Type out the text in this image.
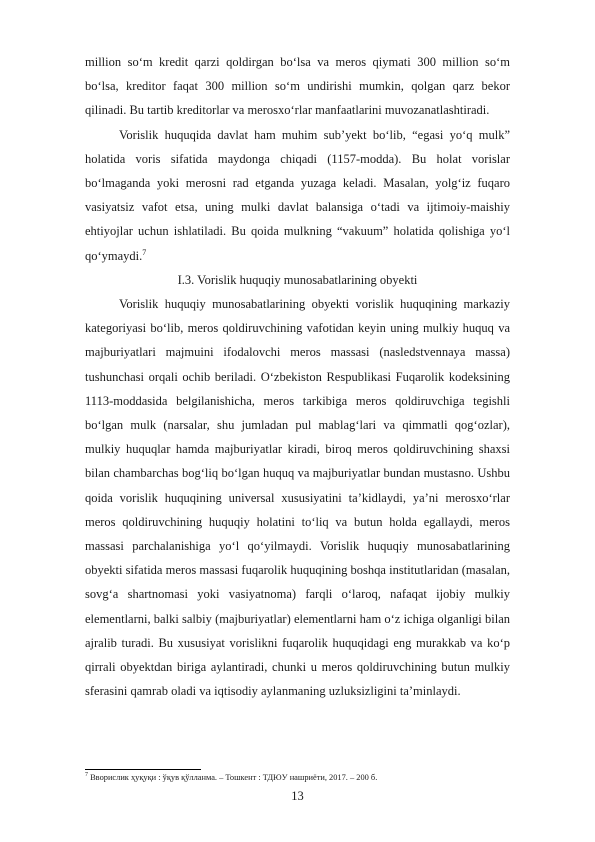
million so‘m kredit qarzi qoldirgan bo‘lsa va meros qiymati 300 million so‘m bo‘lsa, kreditor faqat 300 million so‘m undirishi mumkin, qolgan qarz bekor qilinadi. Bu tartib kreditorlar va merosxo‘rlar manfaatlarini muvozanatlashtiradi.

Vorislik huquqida davlat ham muhim sub’yekt bo‘lib, “egasi yo‘q mulk” holatida voris sifatida maydonga chiqadi (1157-modda). Bu holat vorislar bo‘lmaganda yoki merosni rad etganda yuzaga keladi. Masalan, yolg‘iz fuqaro vasiyatsiz vafot etsa, uning mulki davlat balansiga o‘tadi va ijtimoiy-maishiy ehtiyojlar uchun ishlatiladi. Bu qoida mulkning “vakuum” holatida qolishiga yo‘l qo‘ymaydi.$^7$

I.3. Vorislik huquqiy munosabatlarining obyekti

Vorislik huquqiy munosabatlarining obyekti vorislik huquqining markaziy kategoriyasi bo‘lib, meros qoldiruvchining vafotidan keyin uning mulkiy huquq va majburiyatlari majmuini ifodalovchi meros massasi (nasledstvennaya massa) tushunchasi orqali ochib beriladi. O‘zbekiston Respublikasi Fuqarolik kodeksining 1113-moddasida belgilanishicha, meros tarkibiga meros qoldiruvchiga tegishli bo‘lgan mulk (narsalar, shu jumladan pul mablag‘lari va qimmatli qog‘ozlar), mulkiy huquqlar hamda majburiyatlar kiradi, biroq meros qoldiruvchining shaxsi bilan chambarchas bog‘liq bo‘lgan huquq va majburiyatlar bundan mustasno. Ushbu qoida vorislik huquqining universal xususiyatini ta’kidlaydi, ya’ni merosxo‘rlar meros qoldiruvchining huquqiy holatini to‘liq va butun holda egallaydi, meros massasi parchalanishiga yo‘l qo‘yilmaydi. Vorislik huquqiy munosabatlarining obyekti sifatida meros massasi fuqarolik huquqining boshqa institutlaridan (masalan, sovg‘a shartnomasi yoki vasiyatnoma) farqli o‘laroq, nafaqat ijobiy mulkiy elementlarni, balki salbiy (majburiyatlar) elementlarni ham o‘z ichiga olganligi bilan ajralib turadi. Bu xususiyat vorislikni fuqarolik huquqidagi eng murakkab va ko‘p qirrali obyektdan biriga aylantiradi, chunki u meros qoldiruvchining butun mulkiy sferasini qamrab oladi va iqtisodiy aylanmaning uzluksizligini ta’minlaydi.

$^7$ Вворислик ҳуқуқи : ўқув қўлланма. – Тошкент : ТДЮУ нашриёти, 2017. – 200 б.
13
